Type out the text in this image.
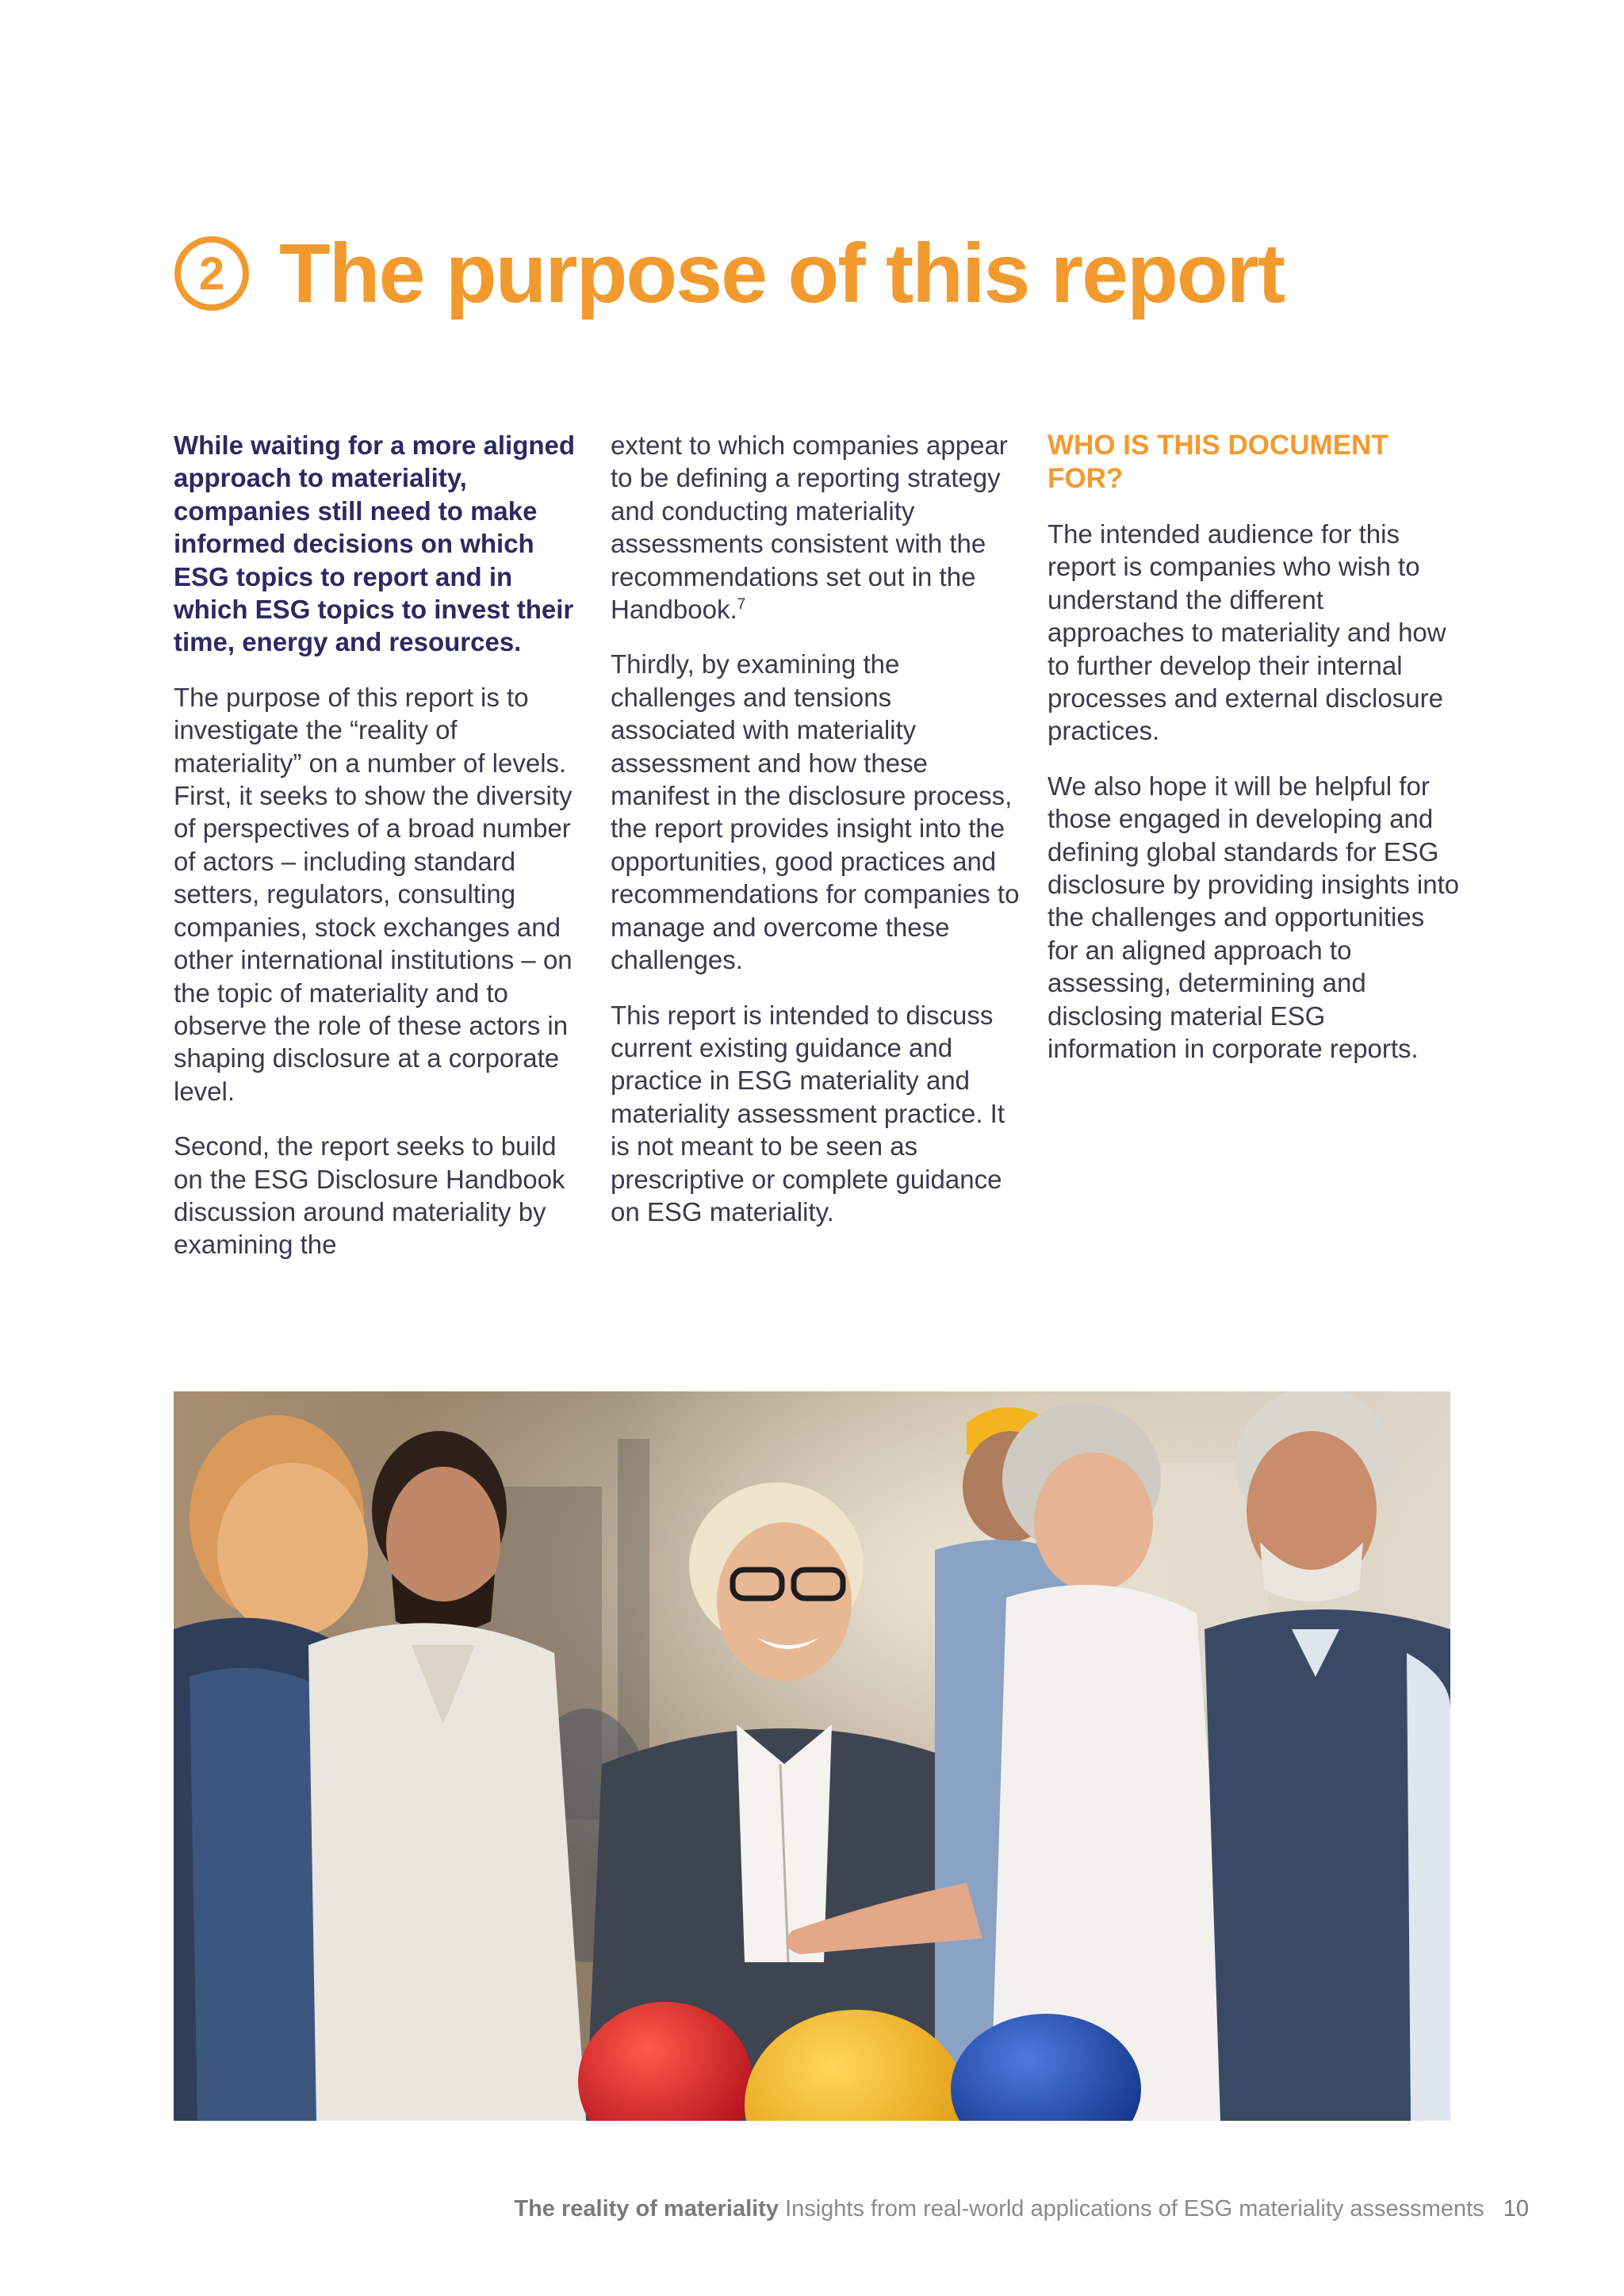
2 The purpose of this report

While waiting for a more aligned approach to materiality, companies still need to make informed decisions on which ESG topics to report and in which ESG topics to invest their time, energy and resources.

The purpose of this report is to investigate the “reality of materiality” on a number of levels. First, it seeks to show the diversity of perspectives of a broad number of actors – including standard setters, regulators, consulting companies, stock exchanges and other international institutions – on the topic of materiality and to observe the role of these actors in shaping disclosure at a corporate level.

Second, the report seeks to build on the ESG Disclosure Handbook discussion around materiality by examining the

extent to which companies appear to be defining a reporting strategy and conducting materiality assessments consistent with the recommendations set out in the Handbook.$^7$

Thirdly, by examining the challenges and tensions associated with materiality assessment and how these manifest in the disclosure process, the report provides insight into the opportunities, good practices and recommendations for companies to manage and overcome these challenges.

This report is intended to discuss current existing guidance and practice in ESG materiality and materiality assessment practice. It is not meant to be seen as prescriptive or complete guidance on ESG materiality.

WHO IS THIS DOCUMENT FOR?

The intended audience for this report is companies who wish to understand the different approaches to materiality and how to further develop their internal processes and external disclosure practices.

We also hope it will be helpful for those engaged in developing and defining global standards for ESG disclosure by providing insights into the challenges and opportunities for an aligned approach to assessing, determining and disclosing material ESG information in corporate reports.

The reality of materiality Insights from real-world applications of ESG materiality assessments 10
